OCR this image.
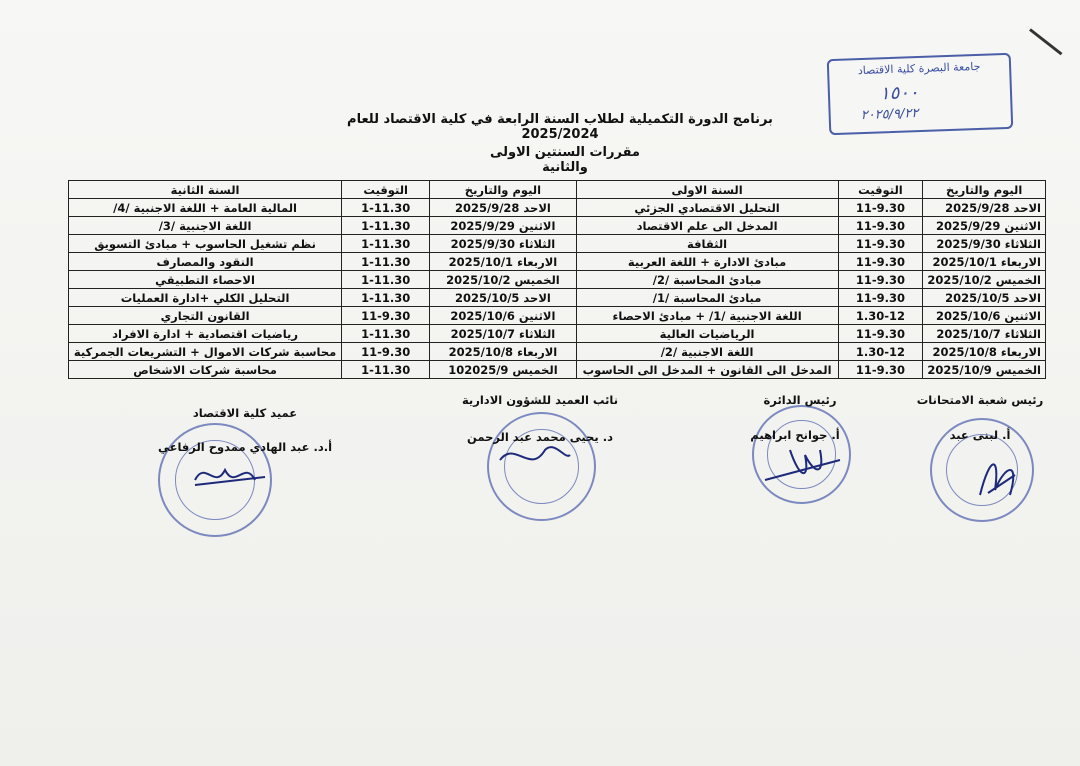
جامعة البصرة كلية الاقتصاد
١٥٠٠
٢٠٢٥/٩/٢٢
برنامج الدورة التكميلية لطلاب السنة الرابعة في كلية الاقتصاد للعام 2025/2024
مقررات السنتين الاولى والثانية
اليوم والتاريخ	التوقيت	السنة الاولى	اليوم والتاريخ	التوقيت	السنة الثانية
الاحد 2025/9/28	11-9.30	التحليل الاقتصادي الجزئي	الاحد 2025/9/28	1-11.30	المالية العامة + اللغة الاجنبية /4/
الاثنين 2025/9/29	11-9.30	المدخل الى علم الاقتصاد	الاثنين 2025/9/29	1-11.30	اللغة الاجنبية /3/
الثلاثاء 2025/9/30	11-9.30	الثقافة	الثلاثاء 2025/9/30	1-11.30	نظم تشغيل الحاسوب + مبادئ التسويق
الاربعاء 2025/10/1	11-9.30	مبادئ الادارة + اللغة العربية	الاربعاء 2025/10/1	1-11.30	النقود والمصارف
الخميس 2025/10/2	11-9.30	مبادئ المحاسبة /2/	الخميس 2025/10/2	1-11.30	الاحصاء التطبيقي
الاحد 2025/10/5	11-9.30	مبادئ المحاسبة /1/	الاحد 2025/10/5	1-11.30	التحليل الكلي +ادارة العمليات
الاثنين 2025/10/6	1.30-12	اللغة الاجنبية /1/ + مبادئ الاحصاء	الاثنين 2025/10/6	11-9.30	القانون التجاري
الثلاثاء 2025/10/7	11-9.30	الرياضيات العالية	الثلاثاء 2025/10/7	1-11.30	رياضيات اقتصادية + ادارة الافراد
الاربعاء 2025/10/8	1.30-12	اللغة الاجنبية /2/	الاربعاء 2025/10/8	11-9.30	محاسبة شركات الاموال + التشريعات الجمركية
الخميس 2025/10/9	11-9.30	المدخل الى القانون + المدخل الى الحاسوب	الخميس 102025/9	1-11.30	محاسبة شركات الاشخاص
رئيس شعبة الامتحانات
أ. لبنى عبد
رئيس الدائرة
أ. جوانح ابراهيم
نائب العميد للشؤون الادارية
د. يحيى محمد عبد الرحمن
عميد كلية الاقتصاد
أ.د. عبد الهادي ممدوح الرفاعي
